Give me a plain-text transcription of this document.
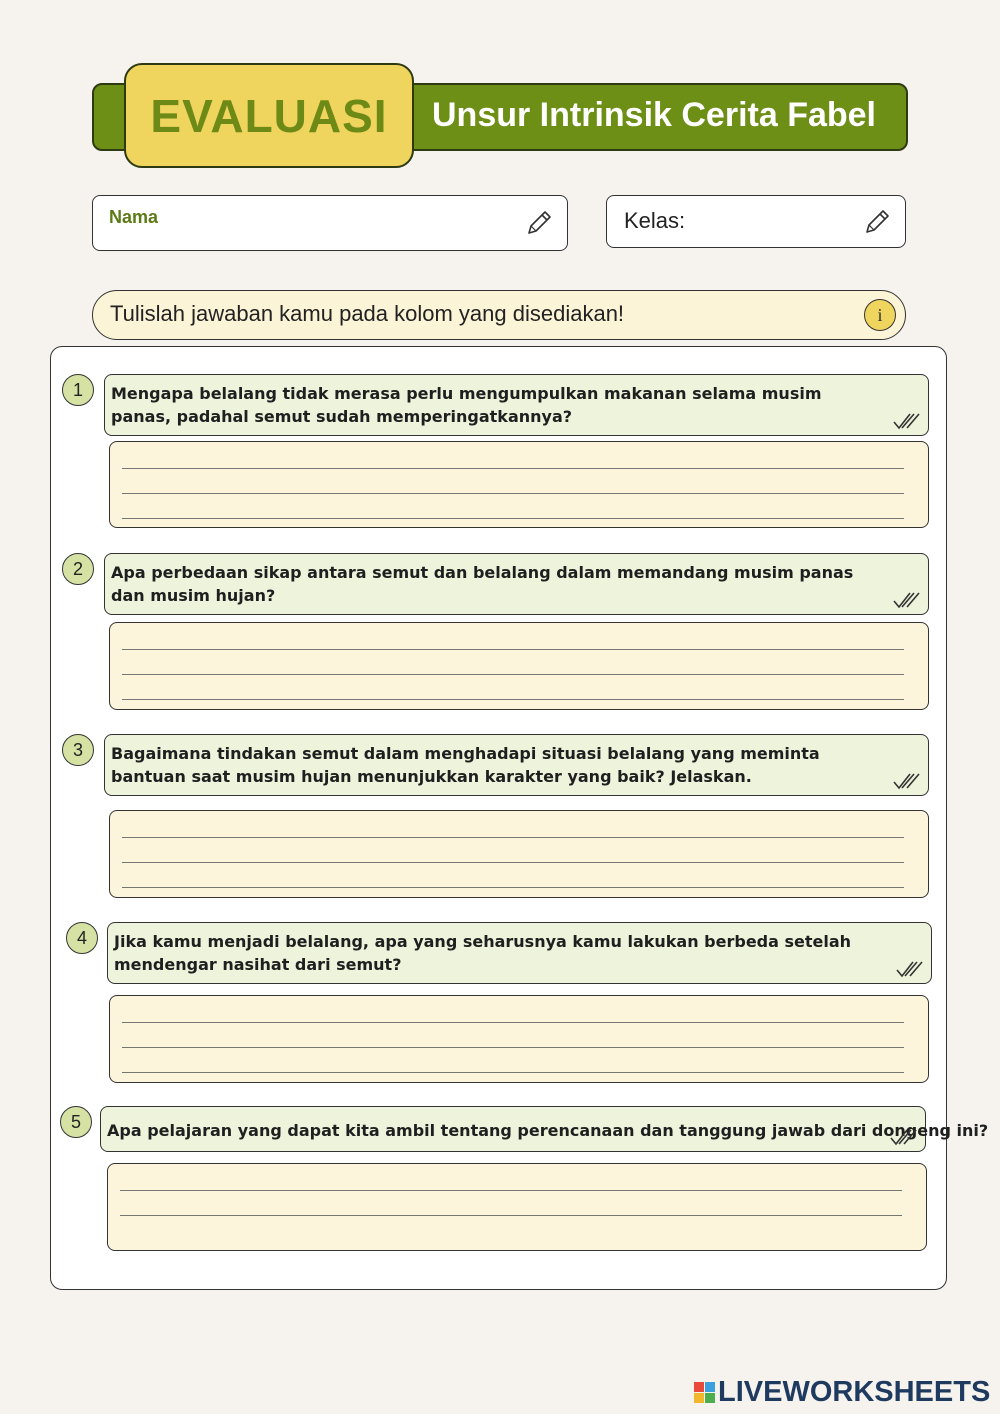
Unsur Intrinsik Cerita Fabel
EVALUASI
Nama	Kelas:
Tulislah jawaban kamu pada kolom yang disediakan!	i
1	Mengapa belalang tidak merasa perlu mengumpulkan makanan selama musim panas, padahal semut sudah memperingatkannya?
2	Apa perbedaan sikap antara semut dan belalang dalam memandang musim panas dan musim hujan?
3	Bagaimana tindakan semut dalam menghadapi situasi belalang yang meminta bantuan saat musim hujan menunjukkan karakter yang baik? Jelaskan.
4	Jika kamu menjadi belalang, apa yang seharusnya kamu lakukan berbeda setelah mendengar nasihat dari semut?
5	Apa pelajaran yang dapat kita ambil tentang perencanaan dan tanggung jawab dari dongeng ini?
LIVEWORKSHEETS
